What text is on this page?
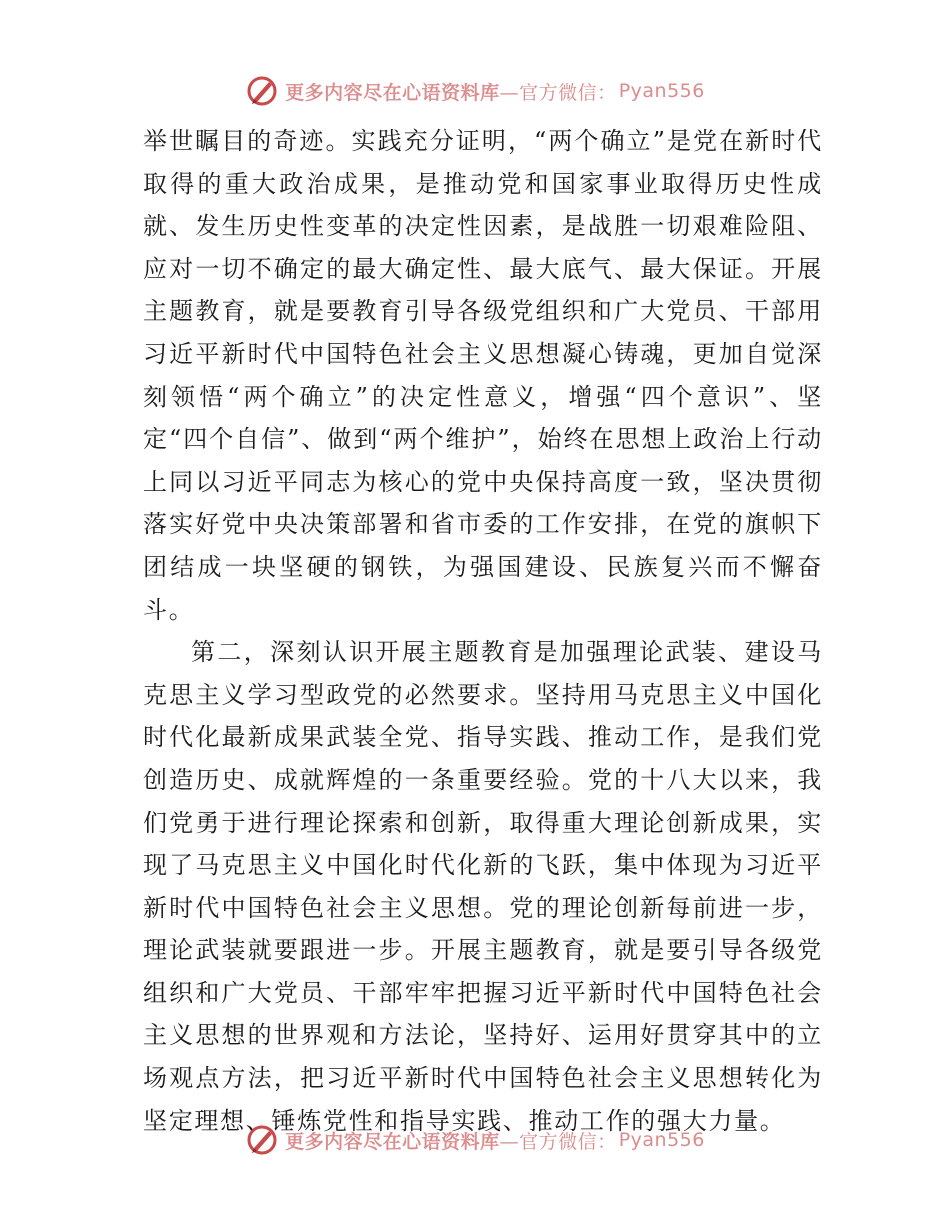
更多内容尽在心语资料库 —官方微信： Pyan556

举世瞩目的奇迹。实践充分证明，“两个确立”是党在新时代取得的重大政治成果，是推动党和国家事业取得历史性成就、发生历史性变革的决定性因素，是战胜一切艰难险阻、应对一切不确定的最大确定性、最大底气、最大保证。开展主题教育，就是要教育引导各级党组织和广大党员、干部用习近平新时代中国特色社会主义思想凝心铸魂，更加自觉深刻领悟“两个确立”的决定性意义，增强“四个意识”、坚定“四个自信”、做到“两个维护”，始终在思想上政治上行动上同以习近平同志为核心的党中央保持高度一致，坚决贯彻落实好党中央决策部署和省市委的工作安排，在党的旗帜下团结成一块坚硬的钢铁，为强国建设、民族复兴而不懈奋斗。

第二，深刻认识开展主题教育是加强理论武装、建设马克思主义学习型政党的必然要求。坚持用马克思主义中国化时代化最新成果武装全党、指导实践、推动工作，是我们党创造历史、成就辉煌的一条重要经验。党的十八大以来，我们党勇于进行理论探索和创新，取得重大理论创新成果，实现了马克思主义中国化时代化新的飞跃，集中体现为习近平新时代中国特色社会主义思想。党的理论创新每前进一步，理论武装就要跟进一步。开展主题教育，就是要引导各级党组织和广大党员、干部牢牢把握习近平新时代中国特色社会主义思想的世界观和方法论，坚持好、运用好贯穿其中的立场观点方法，把习近平新时代中国特色社会主义思想转化为坚定理想、锤炼党性和指导实践、推动工作的强大力量。

更多内容尽在心语资料库 —官方微信： Pyan556
